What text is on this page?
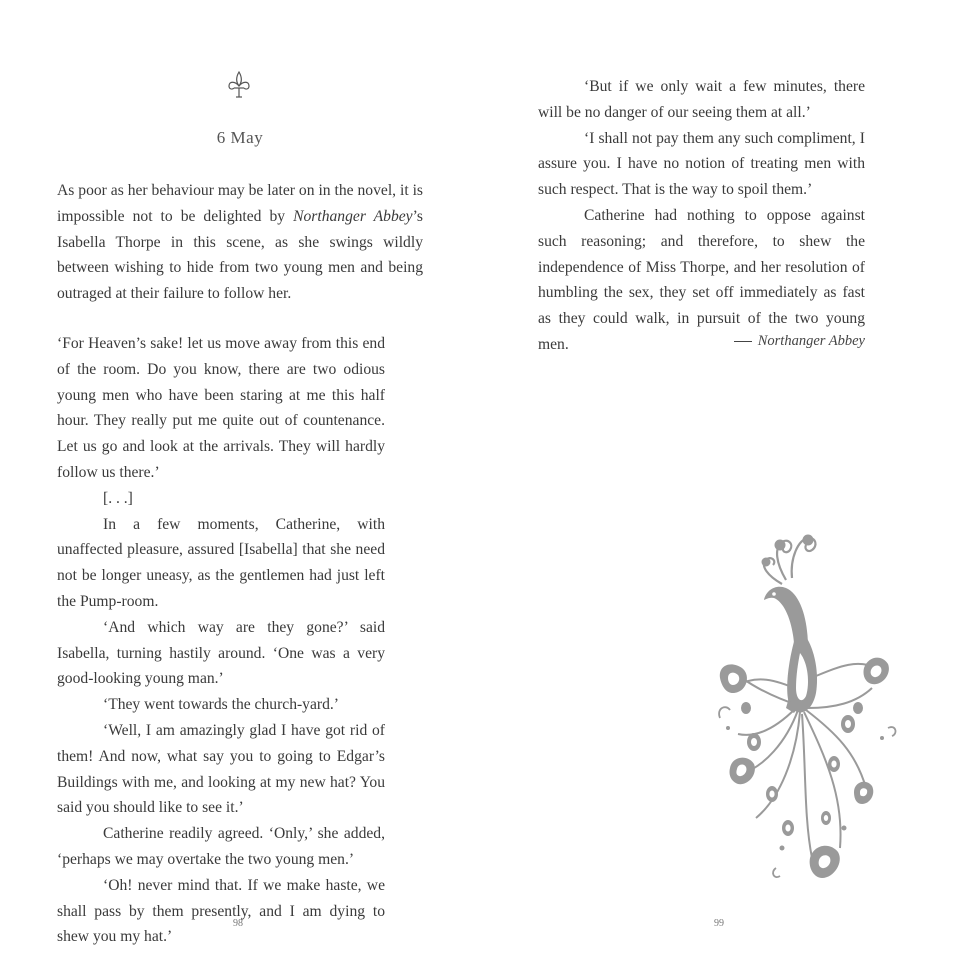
6 May

As poor as her behaviour may be later on in the novel, it is impossible not to be delighted by Northanger Abbey’s Isabella Thorpe in this scene, as she swings wildly between wishing to hide from two young men and being outraged at their failure to follow her.

‘For Heaven’s sake! let us move away from this end of the room. Do you know, there are two odious young men who have been staring at me this half hour. They really put me quite out of countenance. Let us go and look at the arrivals. They will hardly follow us there.’

[. . .]

In a few moments, Catherine, with unaffected pleasure, assured [Isabella] that she need not be longer uneasy, as the gentlemen had just left the Pump-room.

‘And which way are they gone?’ said Isabella, turning hastily around. ‘One was a very good-looking young man.’

‘They went towards the church-yard.’

‘Well, I am amazingly glad I have got rid of them! And now, what say you to going to Edgar’s Buildings with me, and looking at my new hat? You said you should like to see it.’

Catherine readily agreed. ‘Only,’ she added, ‘perhaps we may overtake the two young men.’

‘Oh! never mind that. If we make haste, we shall pass by them presently, and I am dying to shew you my hat.’

98

‘But if we only wait a few minutes, there will be no danger of our seeing them at all.’

‘I shall not pay them any such compliment, I assure you. I have no notion of treating men with such respect. That is the way to spoil them.’

Catherine had nothing to oppose against such reasoning; and therefore, to shew the independence of Miss Thorpe, and her resolution of humbling the sex, they set off immediately as fast as they could walk, in pursuit of the two young men.	Northanger Abbey
99
